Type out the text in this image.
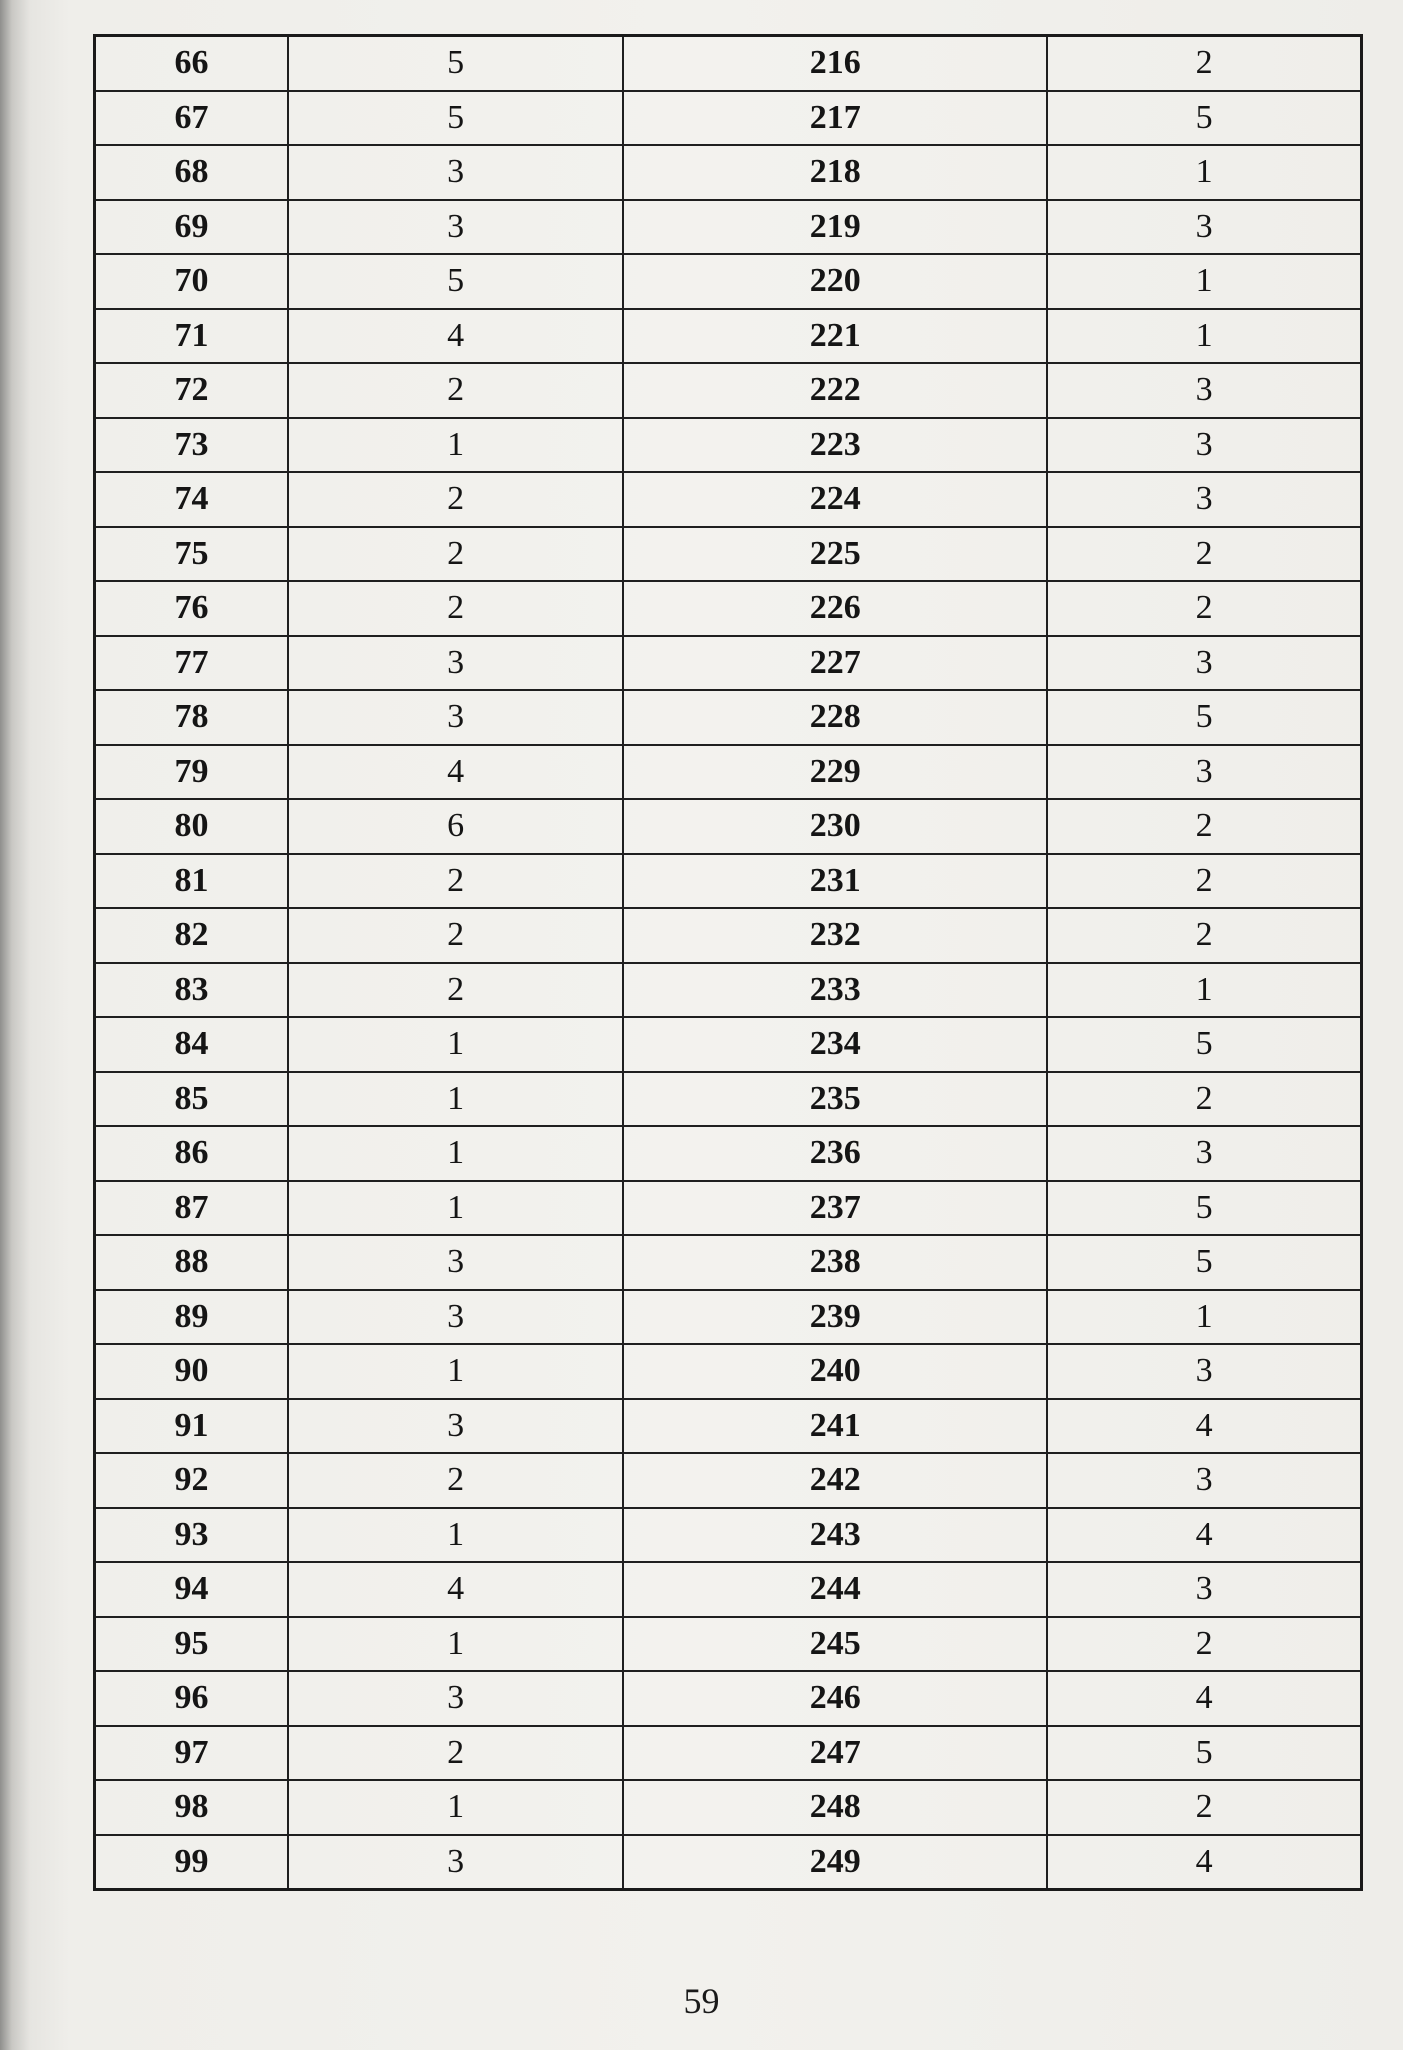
66	5	216	2
67	5	217	5
68	3	218	1
69	3	219	3
70	5	220	1
71	4	221	1
72	2	222	3
73	1	223	3
74	2	224	3
75	2	225	2
76	2	226	2
77	3	227	3
78	3	228	5
79	4	229	3
80	6	230	2
81	2	231	2
82	2	232	2
83	2	233	1
84	1	234	5
85	1	235	2
86	1	236	3
87	1	237	5
88	3	238	5
89	3	239	1
90	1	240	3
91	3	241	4
92	2	242	3
93	1	243	4
94	4	244	3
95	1	245	2
96	3	246	4
97	2	247	5
98	1	248	2
99	3	249	4
59
